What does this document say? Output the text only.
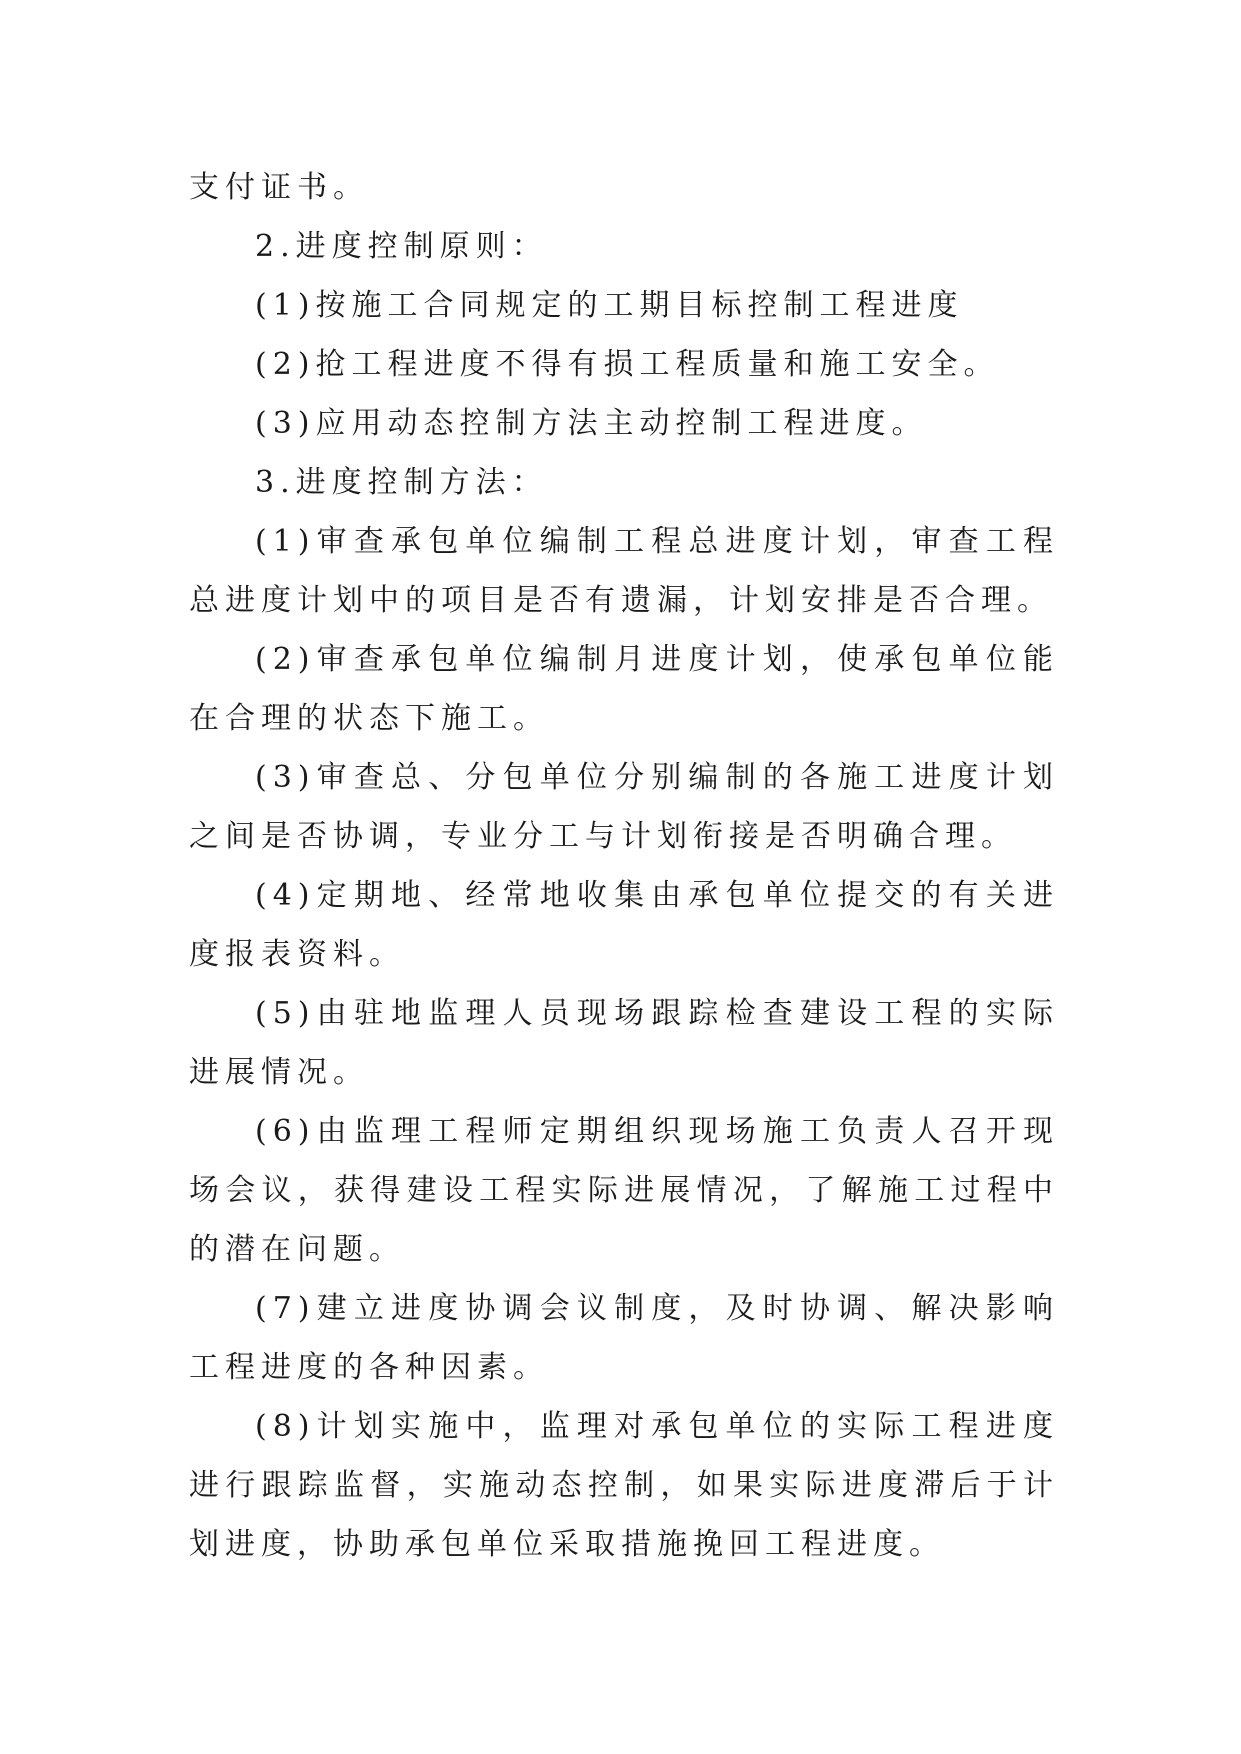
支付证书。

2.进度控制原则：

(1)按施工合同规定的工期目标控制工程进度

(2)抢工程进度不得有损工程质量和施工安全。

(3)应用动态控制方法主动控制工程进度。

3.进度控制方法：

(1)审查承包单位编制工程总进度计划，审查工程总进度计划中的项目是否有遗漏，计划安排是否合理。

(2)审查承包单位编制月进度计划，使承包单位能在合理的状态下施工。

(3)审查总、分包单位分别编制的各施工进度计划之间是否协调，专业分工与计划衔接是否明确合理。

(4)定期地、经常地收集由承包单位提交的有关进度报表资料。

(5)由驻地监理人员现场跟踪检查建设工程的实际进展情况。

(6)由监理工程师定期组织现场施工负责人召开现场会议，获得建设工程实际进展情况，了解施工过程中的潜在问题。

(7)建立进度协调会议制度，及时协调、解决影响工程进度的各种因素。

(8)计划实施中，监理对承包单位的实际工程进度进行跟踪监督，实施动态控制，如果实际进度滞后于计划进度，协助承包单位采取措施挽回工程进度。
